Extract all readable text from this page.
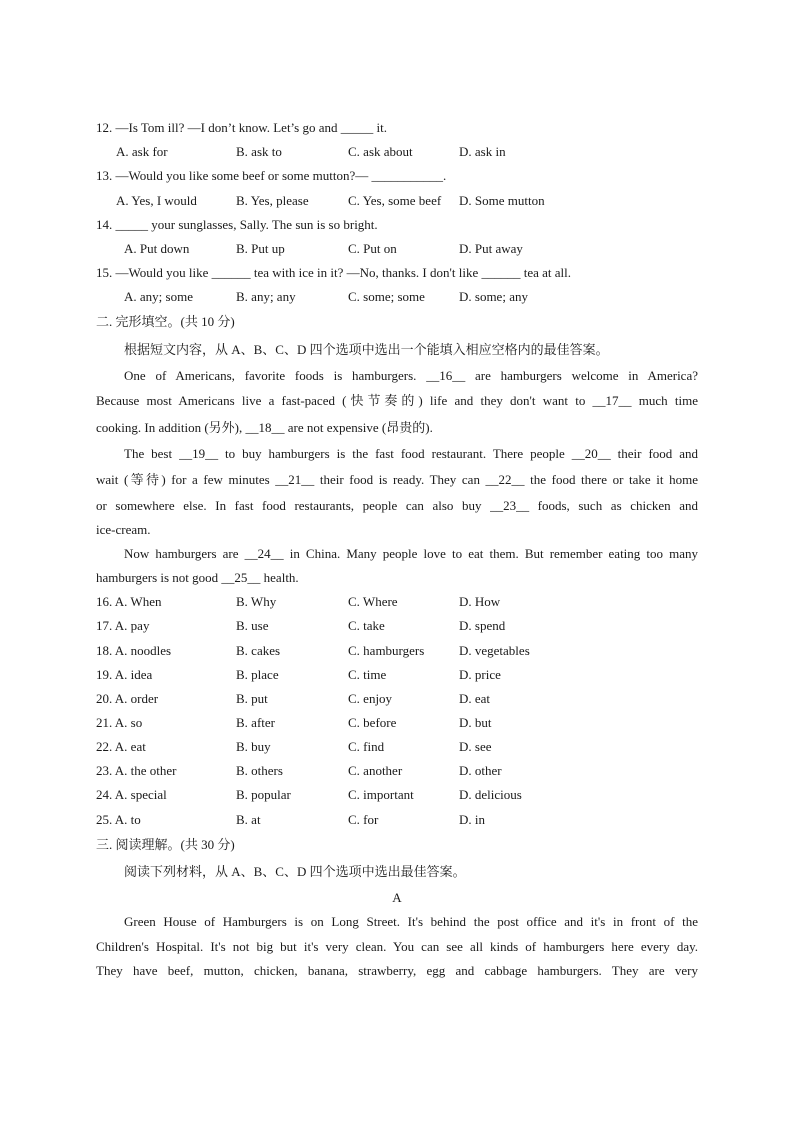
12. —Is Tom ill? —I don’t know. Let’s go and _____ it.
A. ask for	B. ask to	C. ask about	D. ask in
13. —Would you like some beef or some mutton?— ___________.
A. Yes, I would	B. Yes, please	C. Yes, some beef D. Some mutton
14. _____ your sunglasses, Sally. The sun is so bright.
A. Put down	B. Put up	C. Put on	D. Put away
15. —Would you like ______ tea with ice in it? —No, thanks. I don't like ______ tea at all.
A. any; some	B. any; any	C. some; some	D. some; any
二. 完形填空。(共 10 分)
根据短文内容，从 A、B、C、D 四个选项中选出一个能填入相应空格内的最佳答案。
One of Americans, favorite foods is hamburgers. __16__ are hamburgers welcome in America?
Because most Americans live a fast-paced (快节奏的) life and they don't want to __17__ much time
cooking. In addition (另外), __18__ are not expensive (昂贵的).
The best __19__ to buy hamburgers is the fast food restaurant. There people __20__ their food and
wait (等待) for a few minutes __21__ their food is ready. They can __22__ the food there or take it home
or somewhere else. In fast food restaurants, people can also buy __23__ foods, such as chicken and
ice-cream.
Now hamburgers are __24__ in China. Many people love to eat them. But remember eating too many
hamburgers is not good __25__ health.
16. A. When	B. Why	C. Where	D. How
17. A. pay	B. use	C. take	D. spend
18. A. noodles	B. cakes	C. hamburgers	D. vegetables
19. A. idea	B. place	C. time	D. price
20. A. order	B. put	C. enjoy	D. eat
21. A. so	B. after	C. before	D. but
22. A. eat	B. buy	C. find	D. see
23. A. the other	B. others	C. another	D. other
24. A. special	B. popular	C. important	D. delicious
25. A. to	B. at	C. for	D. in
三. 阅读理解。(共 30 分)
阅读下列材料，从 A、B、C、D 四个选项中选出最佳答案。
A
Green House of Hamburgers is on Long Street. It's behind the post office and it's in front of the
Children's Hospital. It's not big but it's very clean. You can see all kinds of hamburgers here every day.
They have beef, mutton, chicken, banana, strawberry, egg and cabbage hamburgers. They are very
